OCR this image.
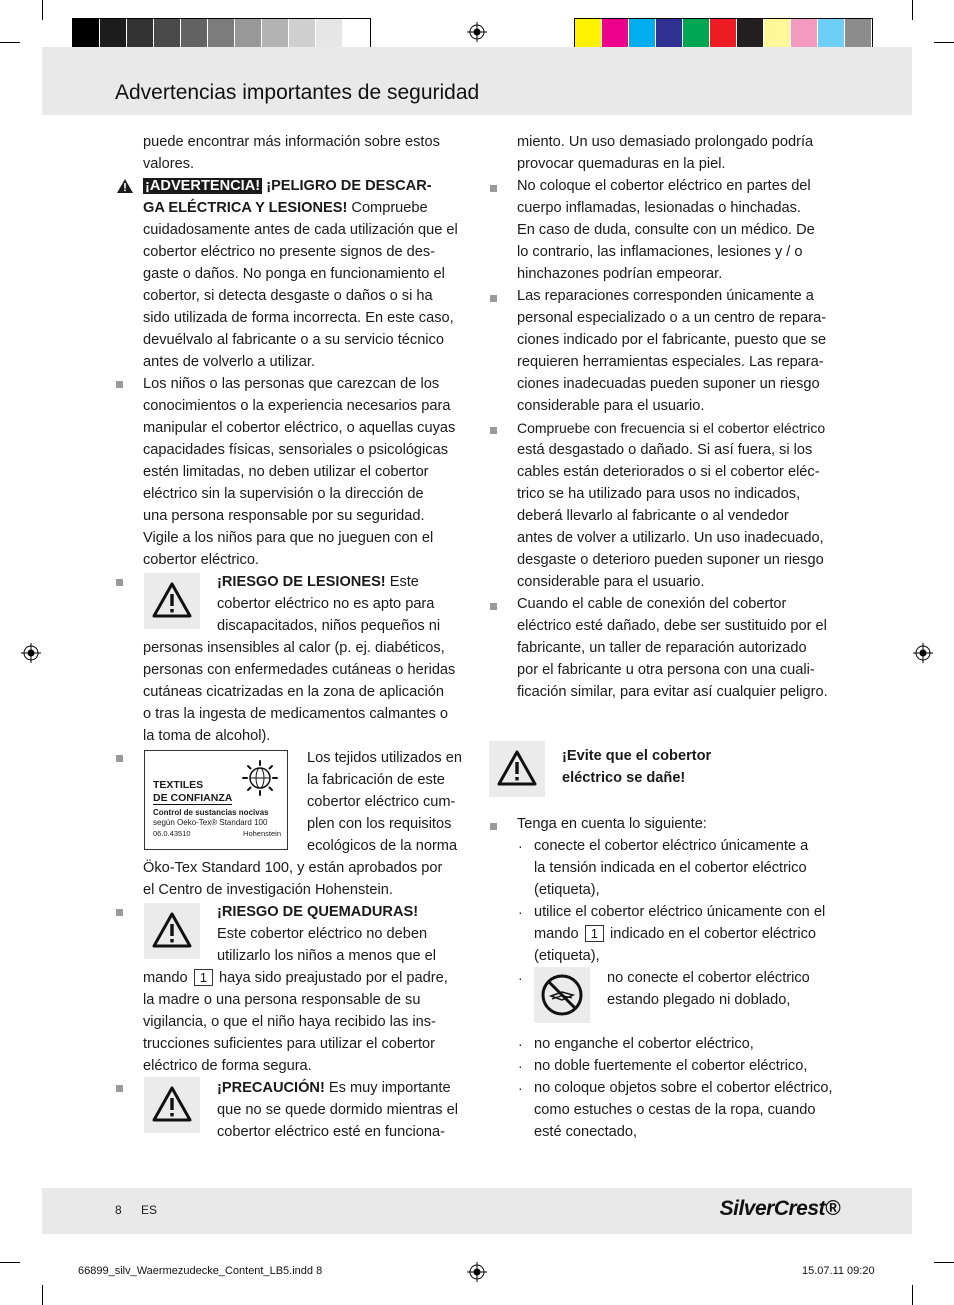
Advertencias importantes de seguridad
puede encontrar más información sobre estos
valores.
¡ADVERTENCIA! ¡PELIGRO DE DESCAR-
GA ELÉCTRICA Y LESIONES! Compruebe
cuidadosamente antes de cada utilización que el
cobertor eléctrico no presente signos de des-
gaste o daños. No ponga en funcionamiento el
cobertor, si detecta desgaste o daños o si ha
sido utilizada de forma incorrecta. En este caso,
devuélvalo al fabricante o a su servicio técnico
antes de volverlo a utilizar.
Los niños o las personas que carezcan de los
conocimientos o la experiencia necesarios para
manipular el cobertor eléctrico, o aquellas cuyas
capacidades físicas, sensoriales o psicológicas
estén limitadas, no deben utilizar el cobertor
eléctrico sin la supervisión o la dirección de
una persona responsable por su seguridad.
Vigile a los niños para que no jueguen con el
cobertor eléctrico.
¡RIESGO DE LESIONES! Este
cobertor eléctrico no es apto para
discapacitados, niños pequeños ni
personas insensibles al calor (p. ej. diabéticos,
personas con enfermedades cutáneas o heridas
cutáneas cicatrizadas en la zona de aplicación
o tras la ingesta de medicamentos calmantes o
la toma de alcohol).
TEXTILES
DE CONFIANZA
Control de sustancias nocivas
según Oeko-Tex® Standard 100
06.0.43510	Hohenstein
Los tejidos utilizados en
la fabricación de este
cobertor eléctrico cum-
plen con los requisitos
ecológicos de la norma
Öko-Tex Standard 100, y están aprobados por
el Centro de investigación Hohenstein.
¡RIESGO DE QUEMADURAS!
Este cobertor eléctrico no deben
utilizarlo los niños a menos que el
mando 1 haya sido preajustado por el padre,
la madre o una persona responsable de su
vigilancia, o que el niño haya recibido las ins-
trucciones suficientes para utilizar el cobertor
eléctrico de forma segura.
¡PRECAUCIÓN! Es muy importante
que no se quede dormido mientras el
cobertor eléctrico esté en funciona-
miento. Un uso demasiado prolongado podría
provocar quemaduras en la piel.
No coloque el cobertor eléctrico en partes del
cuerpo inflamadas, lesionadas o hinchadas.
En caso de duda, consulte con un médico. De
lo contrario, las inflamaciones, lesiones y / o
hinchazones podrían empeorar.
Las reparaciones corresponden únicamente a
personal especializado o a un centro de repara-
ciones indicado por el fabricante, puesto que se
requieren herramientas especiales. Las repara-
ciones inadecuadas pueden suponer un riesgo
considerable para el usuario.
Compruebe con frecuencia si el cobertor eléctrico
está desgastado o dañado. Si así fuera, si los
cables están deteriorados o si el cobertor eléc-
trico se ha utilizado para usos no indicados,
deberá llevarlo al fabricante o al vendedor
antes de volver a utilizarlo. Un uso inadecuado,
desgaste o deterioro pueden suponer un riesgo
considerable para el usuario.
Cuando el cable de conexión del cobertor
eléctrico esté dañado, debe ser sustituido por el
fabricante, un taller de reparación autorizado
por el fabricante u otra persona con una cuali-
ficación similar, para evitar así cualquier peligro.
¡Evite que el cobertor
eléctrico se dañe!
Tenga en cuenta lo siguiente:
· conecte el cobertor eléctrico únicamente a
la tensión indicada en el cobertor eléctrico
(etiqueta),
· utilice el cobertor eléctrico únicamente con el
mando 1 indicado en el cobertor eléctrico
(etiqueta),
·	no conecte el cobertor eléctrico
estando plegado ni doblado,
· no enganche el cobertor eléctrico,
· no doble fuertemente el cobertor eléctrico,
· no coloque objetos sobre el cobertor eléctrico,
como estuches o cestas de la ropa, cuando
esté conectado,
8 ES	SilverCrest®
66899_silv_Waermezudecke_Content_LB5.indd 8	15.07.11 09:20
